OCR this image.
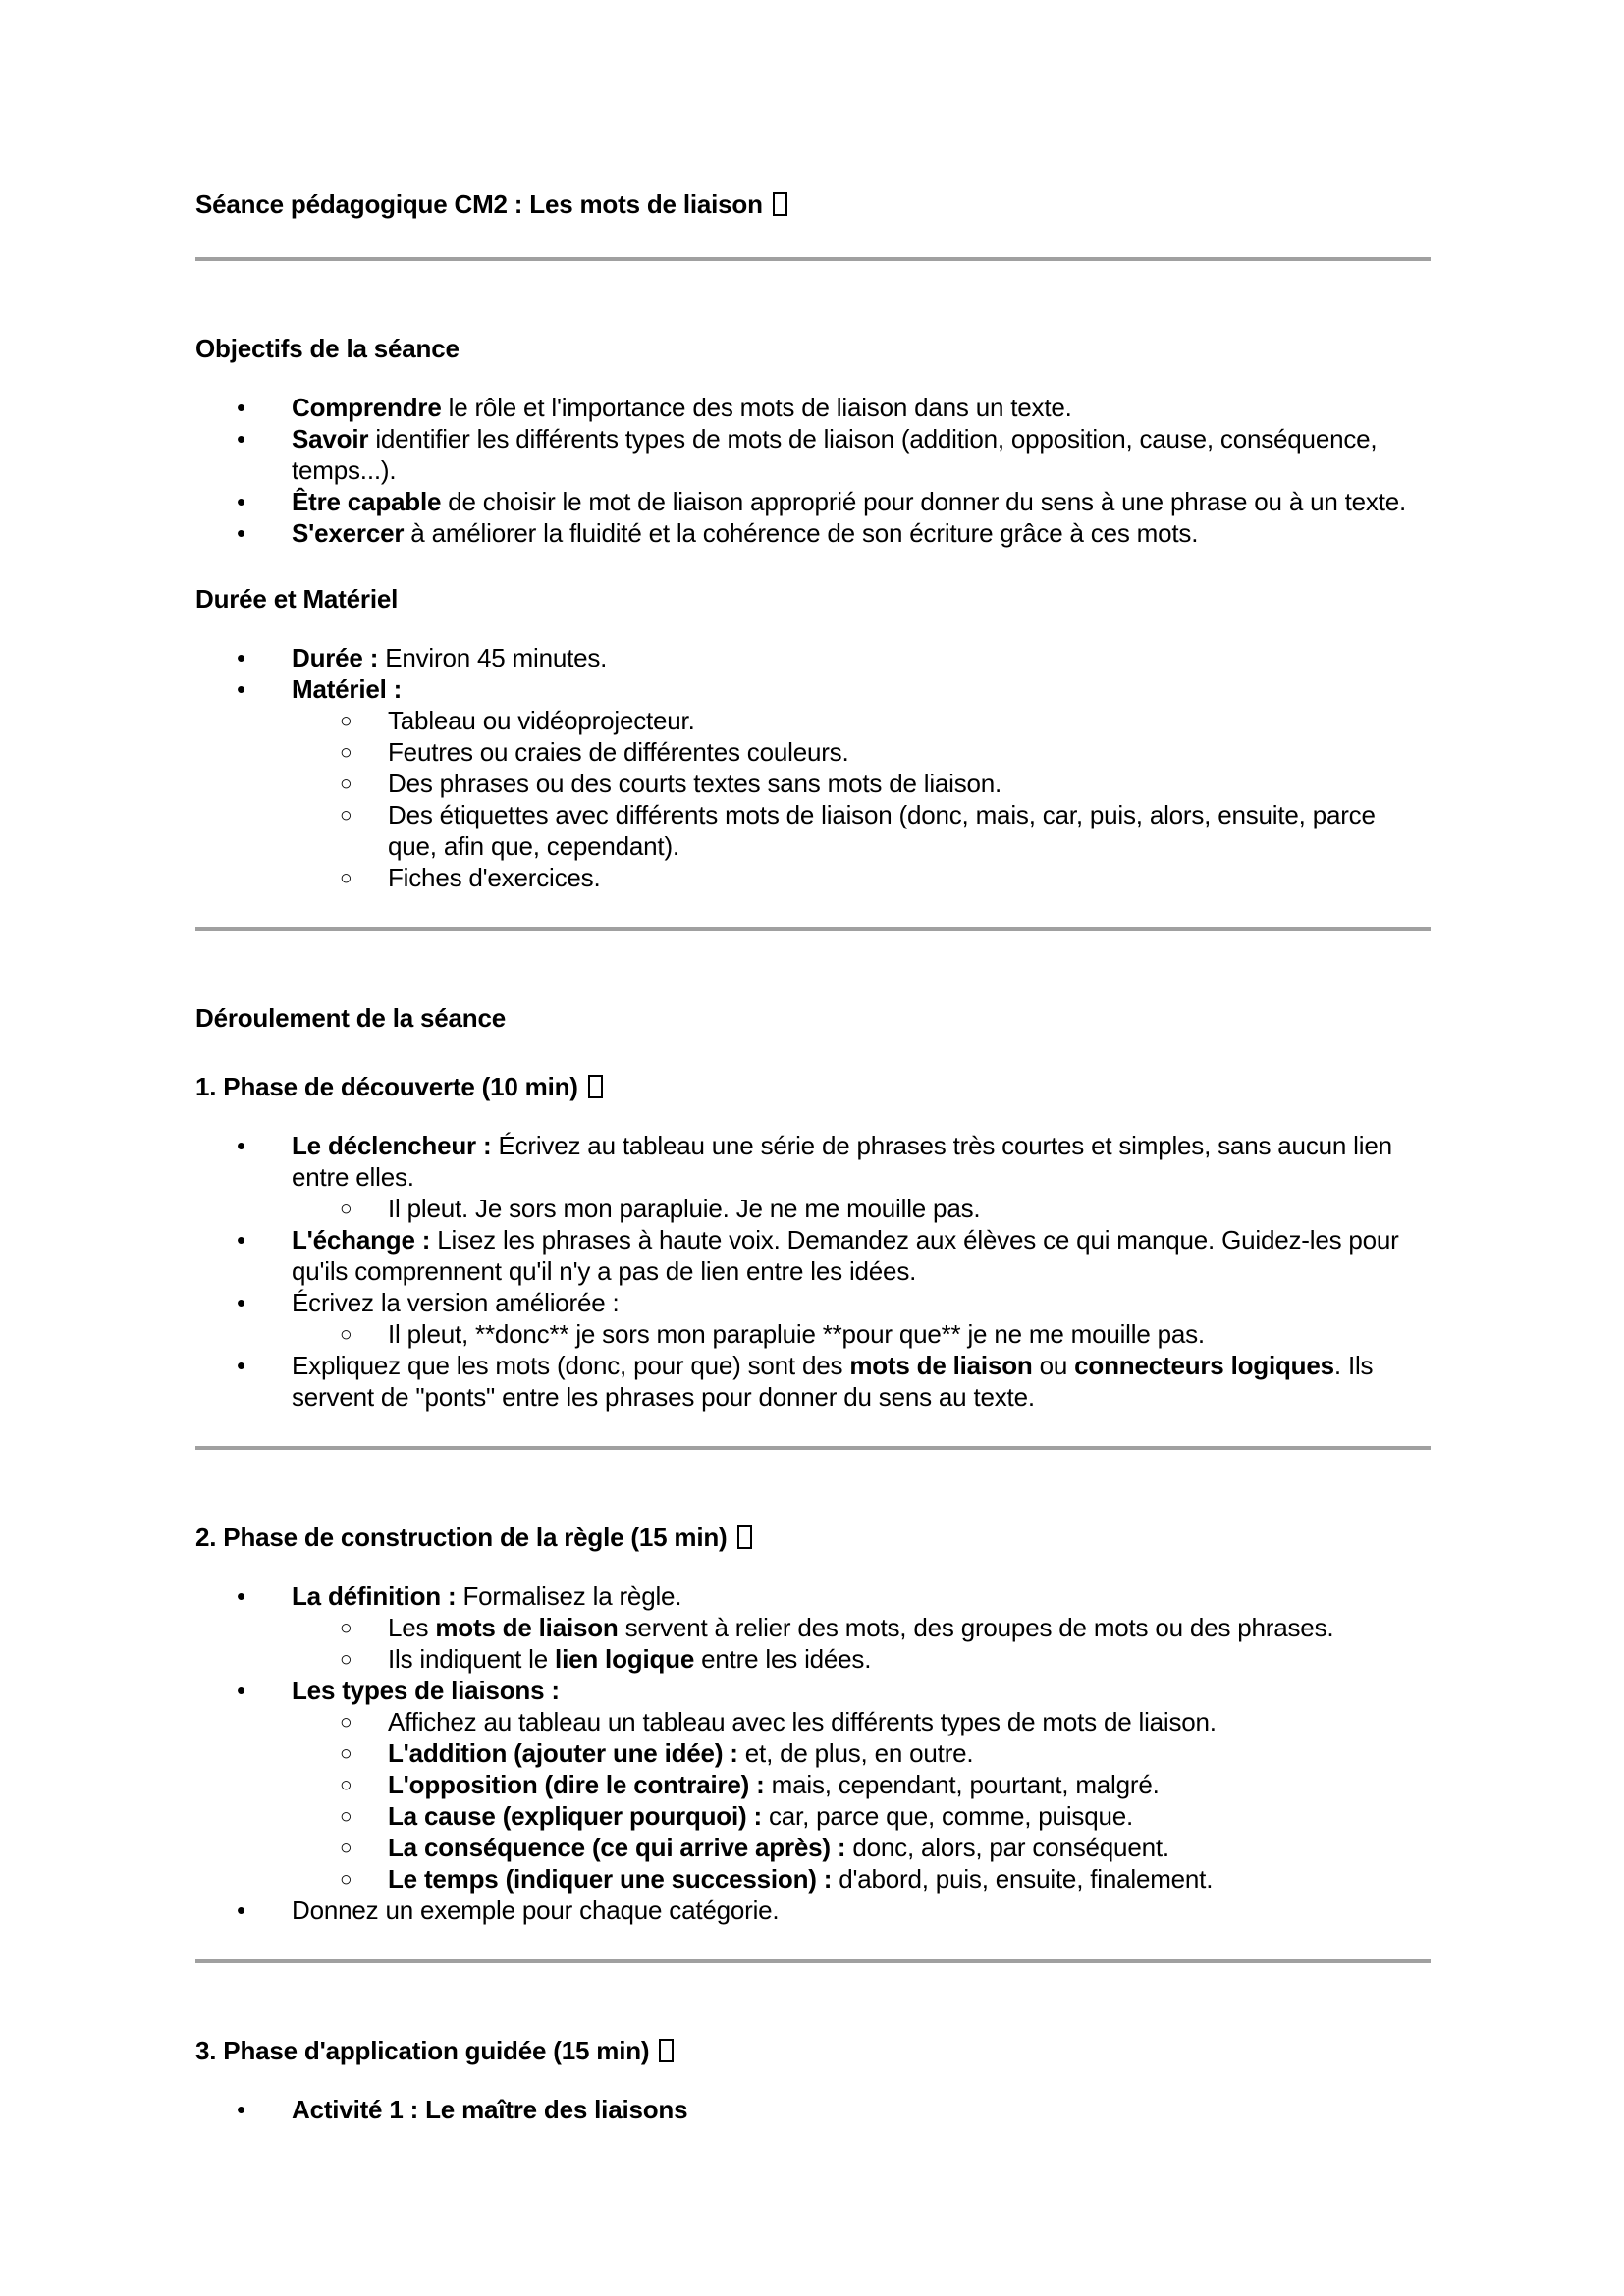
Séance pédagogique CM2 : Les mots de liaison
Objectifs de la séance
• Comprendre le rôle et l'importance des mots de liaison dans un texte.
• Savoir identifier les différents types de mots de liaison (addition, opposition, cause, conséquence, temps...).
• Être capable de choisir le mot de liaison approprié pour donner du sens à une phrase ou à un texte.
• S'exercer à améliorer la fluidité et la cohérence de son écriture grâce à ces mots.
Durée et Matériel
• Durée : Environ 45 minutes.
• Matériel :
○ Tableau ou vidéoprojecteur.
○ Feutres ou craies de différentes couleurs.
○ Des phrases ou des courts textes sans mots de liaison.
○ Des étiquettes avec différents mots de liaison (donc, mais, car, puis, alors, ensuite, parce que, afin que, cependant).
○ Fiches d'exercices.
Déroulement de la séance
1. Phase de découverte (10 min)
• Le déclencheur : Écrivez au tableau une série de phrases très courtes et simples, sans aucun lien entre elles.
○ Il pleut. Je sors mon parapluie. Je ne me mouille pas.
• L'échange : Lisez les phrases à haute voix. Demandez aux élèves ce qui manque. Guidez-les pour qu'ils comprennent qu'il n'y a pas de lien entre les idées.
• Écrivez la version améliorée :
○ Il pleut, **donc** je sors mon parapluie **pour que** je ne me mouille pas.
• Expliquez que les mots (donc, pour que) sont des mots de liaison ou connecteurs logiques. Ils servent de "ponts" entre les phrases pour donner du sens au texte.
2. Phase de construction de la règle (15 min)
• La définition : Formalisez la règle.
○ Les mots de liaison servent à relier des mots, des groupes de mots ou des phrases.
○ Ils indiquent le lien logique entre les idées.
• Les types de liaisons :
○ Affichez au tableau un tableau avec les différents types de mots de liaison.
○ L'addition (ajouter une idée) : et, de plus, en outre.
○ L'opposition (dire le contraire) : mais, cependant, pourtant, malgré.
○ La cause (expliquer pourquoi) : car, parce que, comme, puisque.
○ La conséquence (ce qui arrive après) : donc, alors, par conséquent.
○ Le temps (indiquer une succession) : d'abord, puis, ensuite, finalement.
• Donnez un exemple pour chaque catégorie.
3. Phase d'application guidée (15 min)
• Activité 1 : Le maître des liaisons
